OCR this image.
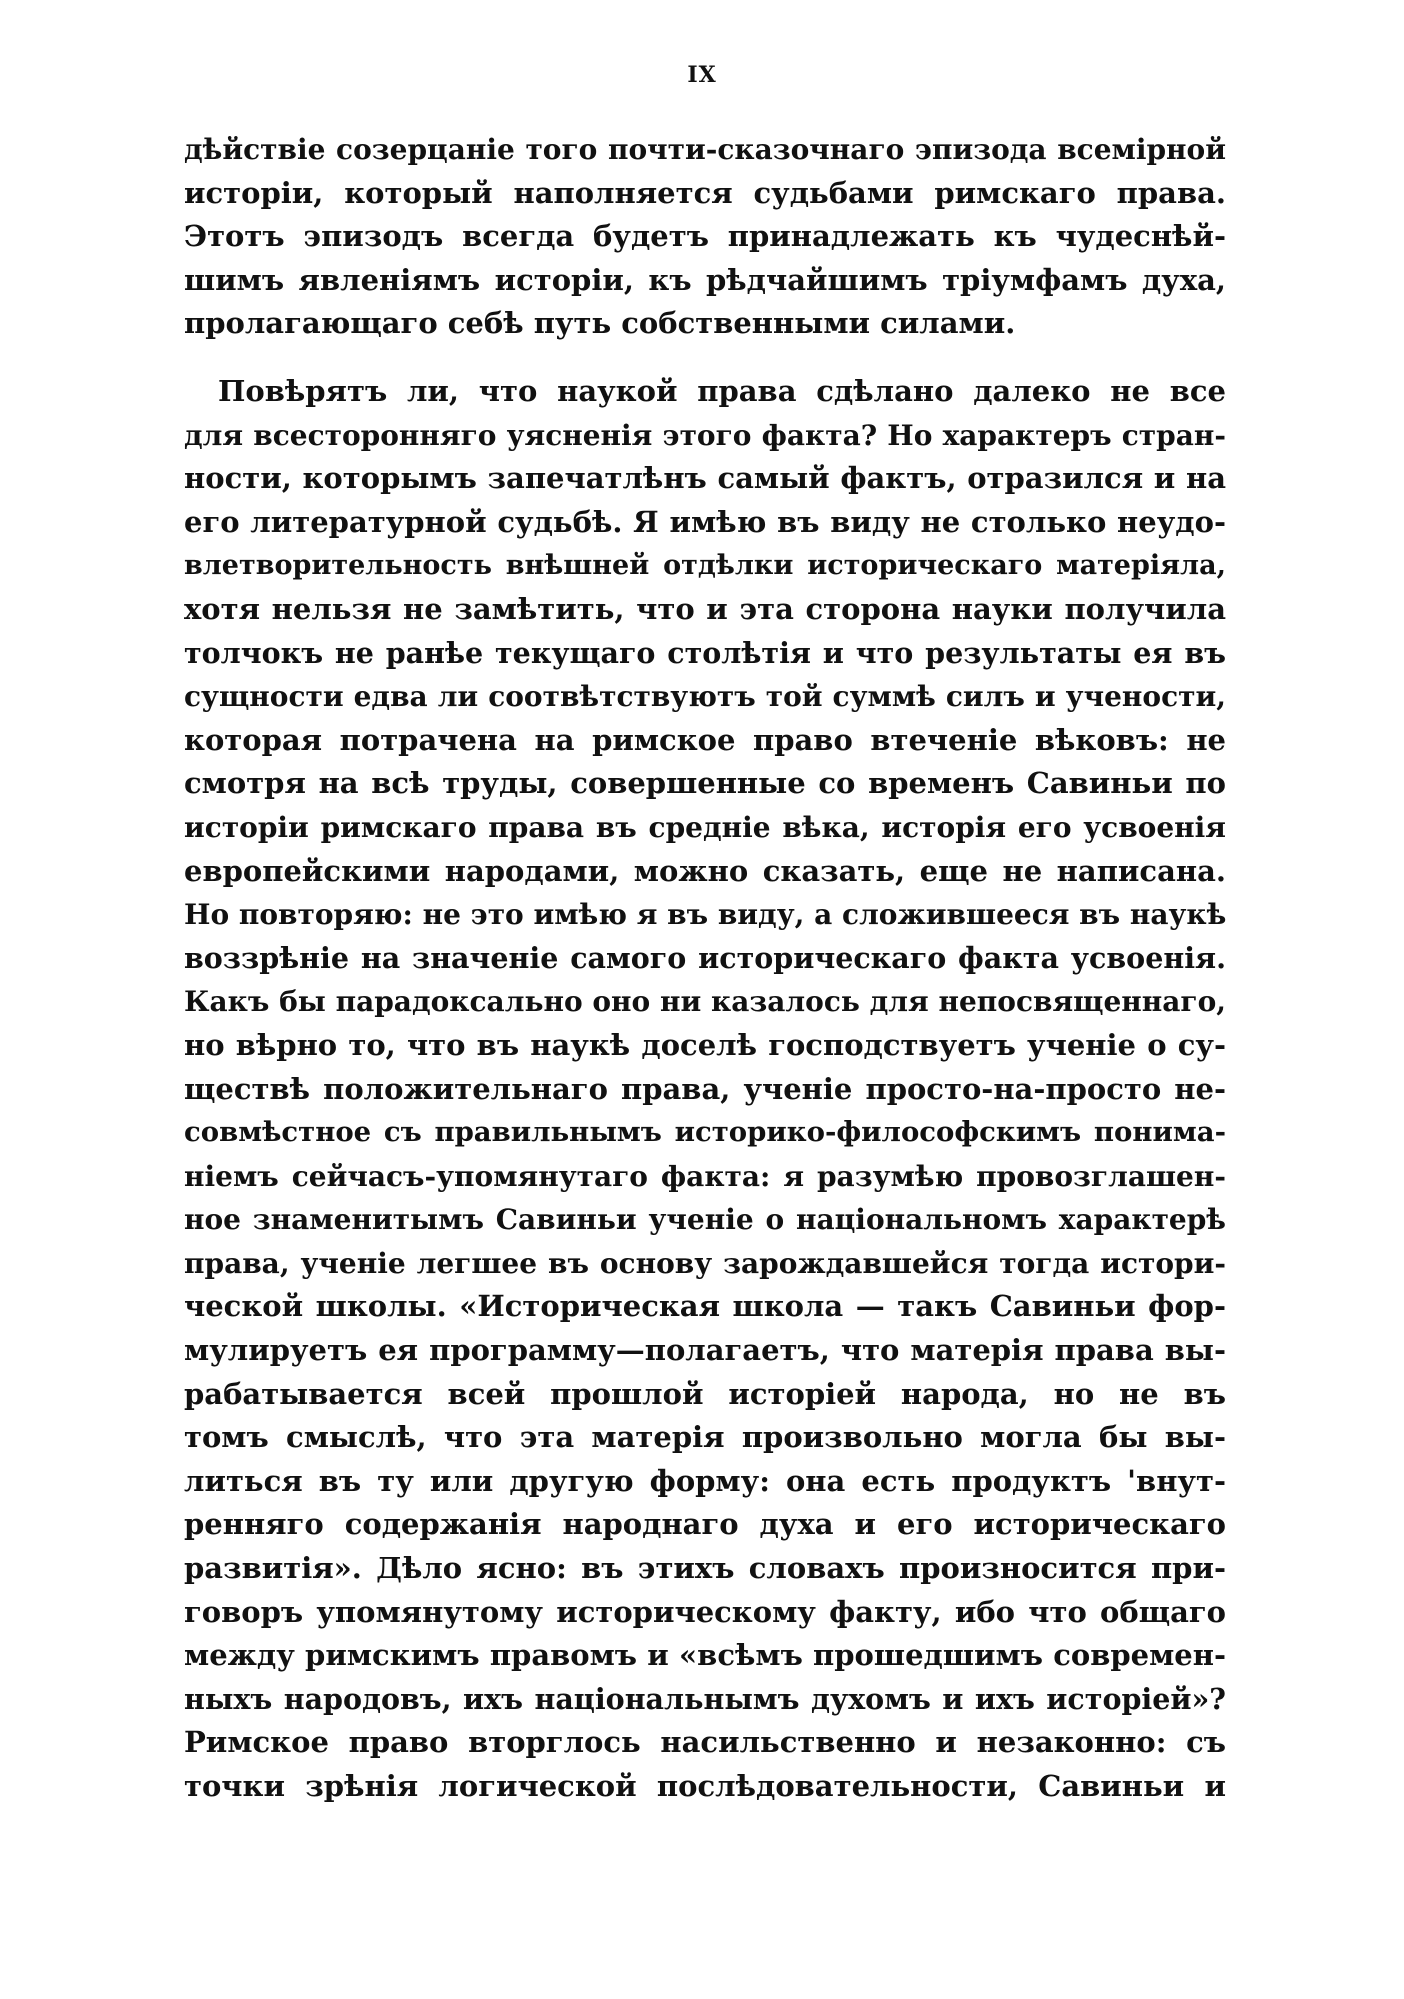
IX
дѣйствіе созерцаніе того почти-сказочнаго эпизода всемірной
исторіи, который наполняется судьбами римскаго права.
Этотъ эпизодъ всегда будетъ принадлежать къ чудеснѣй-
шимъ явленіямъ исторіи, къ рѣдчайшимъ тріумфамъ духа,
пролагающаго себѣ путь собственными силами.
Повѣрятъ ли, что наукой права сдѣлано далеко не все
для всесторонняго уясненія этого факта? Но характеръ стран-
ности, которымъ запечатлѣнъ самый фактъ, отразился и на
его литературной судьбѣ. Я имѣю въ виду не столько неудо-
влетворительность внѣшней отдѣлки историческаго матеріяла,
хотя нельзя не замѣтить, что и эта сторона науки получила
толчокъ не ранѣе текущаго столѣтія и что результаты ея въ
сущности едва ли соотвѣтствуютъ той суммѣ силъ и учености,
которая потрачена на римское право втеченіе вѣковъ: не
смотря на всѣ труды, совершенные со временъ Савиньи по
исторіи римскаго права въ средніе вѣка, исторія его усвоенія
европейскими народами, можно сказать, еще не написана.
Но повторяю: не это имѣю я въ виду, а сложившееся въ наукѣ
воззрѣніе на значеніе самого историческаго факта усвоенія.
Какъ бы парадоксально оно ни казалось для непосвященнаго,
но вѣрно то, что въ наукѣ доселѣ господствуетъ ученіе о су-
ществѣ положительнаго права, ученіе просто-на-просто не-
совмѣстное съ правильнымъ историко-философскимъ понима-
ніемъ сейчасъ-упомянутаго факта: я разумѣю провозглашен-
ное знаменитымъ Савиньи ученіе о національномъ характерѣ
права, ученіе легшее въ основу зарождавшейся тогда истори-
ческой школы. «Историческая школа — такъ Савиньи фор-
мулируетъ ея программу—полагаетъ, что матерія права вы-
рабатывается всей прошлой исторіей народа, но не въ
томъ смыслѣ, что эта матерія произвольно могла бы вы-
литься въ ту или другую форму: она есть продуктъ 'внут-
ренняго содержанія народнаго духа и его историческаго
развитія». Дѣло ясно: въ этихъ словахъ произносится при-
говоръ упомянутому историческому факту, ибо что общаго
между римскимъ правомъ и «всѣмъ прошедшимъ современ-
ныхъ народовъ, ихъ національнымъ духомъ и ихъ исторіей»?
Римское право вторглось насильственно и незаконно: съ
точки зрѣнія логической послѣдовательности, Савиньи и
